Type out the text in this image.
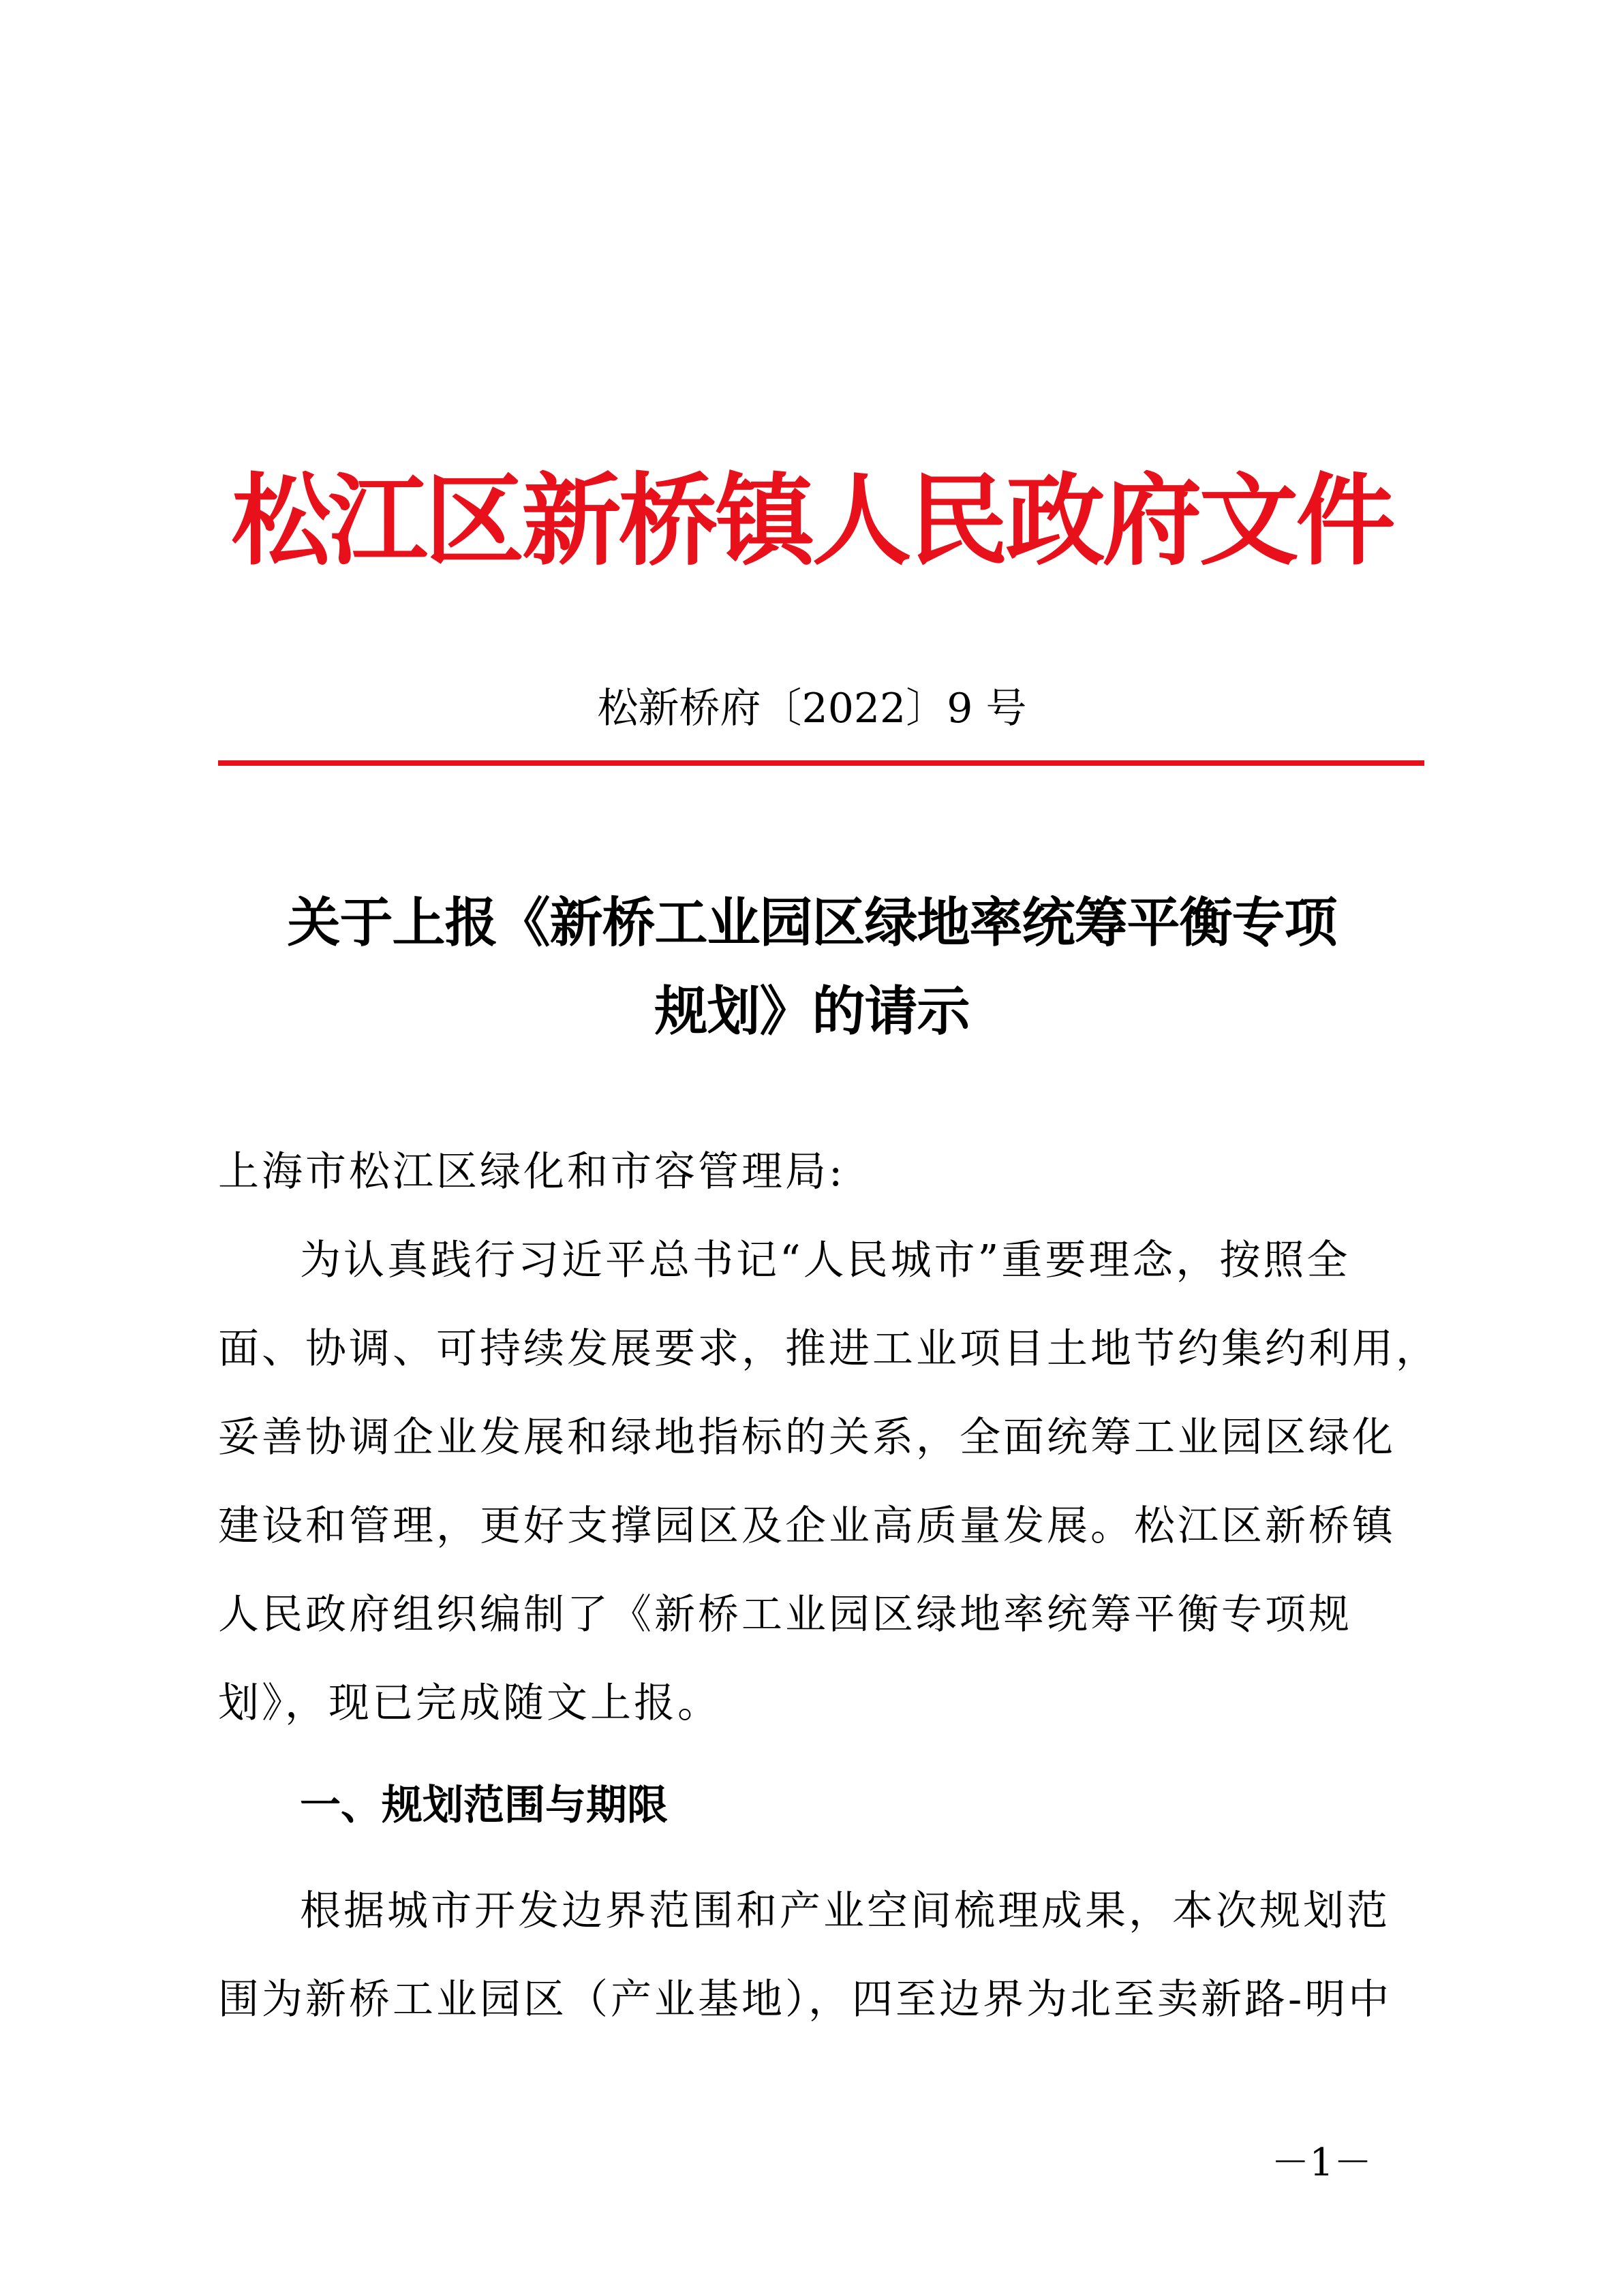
松江区新桥镇人民政府文件
松新桥府〔2022〕9 号
关于上报《新桥工业园区绿地率统筹平衡专项
规划》的请示
上海市松江区绿化和市容管理局:
为认真践行习近平总书记“人民城市”重要理念，按照全
面、协调、可持续发展要求，推进工业项目土地节约集约利用，
妥善协调企业发展和绿地指标的关系，全面统筹工业园区绿化
建设和管理，更好支撑园区及企业高质量发展。松江区新桥镇
人民政府组织编制了《新桥工业园区绿地率统筹平衡专项规
划》，现已完成随文上报。
一、规划范围与期限
根据城市开发边界范围和产业空间梳理成果，本次规划范
围为新桥工业园区（产业基地），四至边界为北至卖新路-明中
－1－
